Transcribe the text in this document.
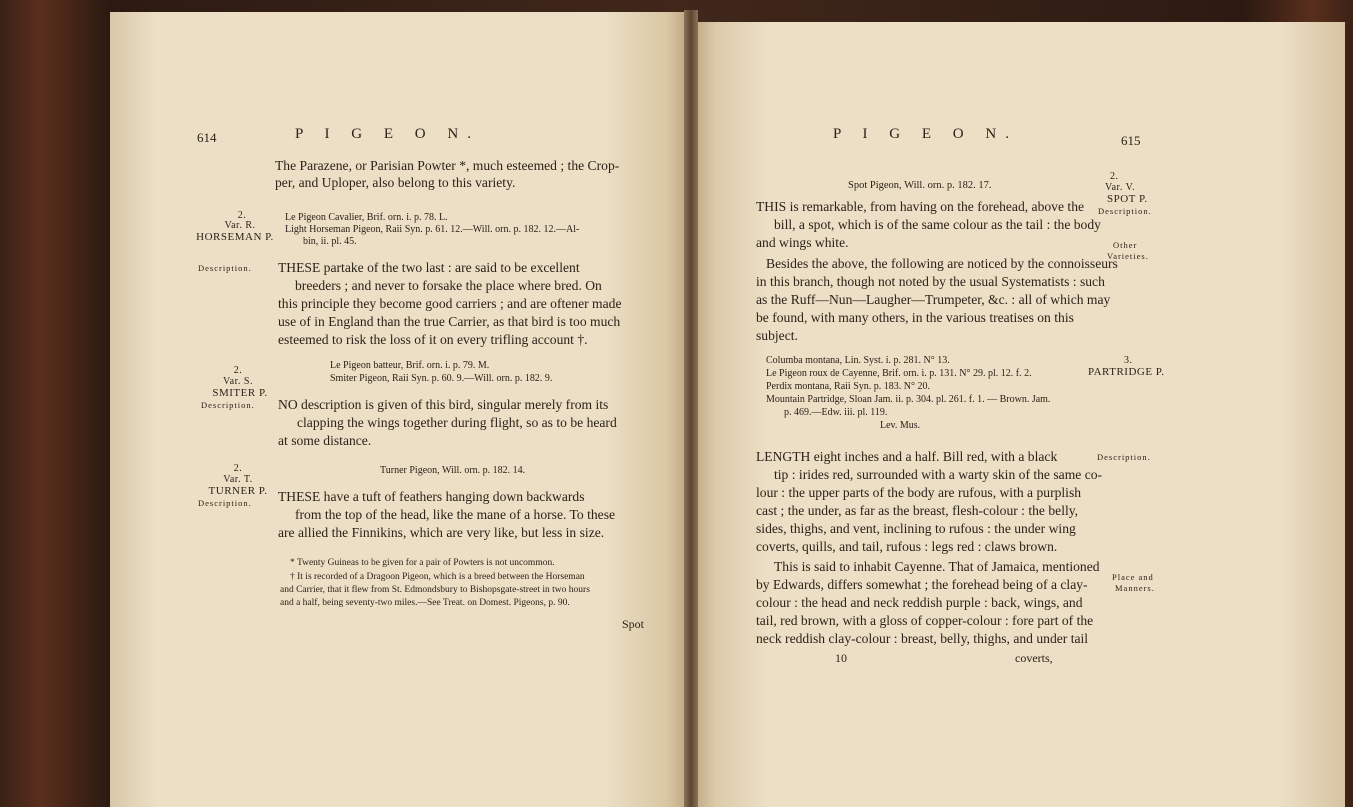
614	P I G E O N.
The Parazene, or Parisian Powter *, much esteemed ; the Crop-
per, and Uploper, also belong to this variety.
2.
Var. R.
HORSEMAN P.
Le Pigeon Cavalier, Brif. orn. i. p. 78. L.
Light Horseman Pigeon, Raii Syn. p. 61. 12.—Will. orn. p. 182. 12.—Al-
bin, ii. pl. 45.
Description. THESE partake of the two last : are said to be excellent
breeders ; and never to forsake the place where bred. On
this principle they become good carriers ; and are oftener made
use of in England than the true Carrier, as that bird is too much
esteemed to risk the loss of it on every trifling account †.
2.
Var. S.
SMITER P.
Description.
Le Pigeon batteur, Brif. orn. i. p. 79. M.
Smiter Pigeon, Raii Syn. p. 60. 9.—Will. orn. p. 182. 9.
NO description is given of this bird, singular merely from its
clapping the wings together during flight, so as to be heard
at some distance.
2.
Var. T.
TURNER P.
Description.
Turner Pigeon, Will. orn. p. 182. 14.
THESE have a tuft of feathers hanging down backwards
from the top of the head, like the mane of a horse. To these
are allied the Finnikins, which are very like, but less in size.
* Twenty Guineas to be given for a pair of Powters is not uncommon.
† It is recorded of a Dragoon Pigeon, which is a breed between the Horseman
and Carrier, that it flew from St. Edmondsbury to Bishopsgate-street in two hours
and a half, being seventy-two miles.—See Treat. on Domest. Pigeons, p. 90.
Spot
P I G E O N.	615
Spot Pigeon, Will. orn. p. 182. 17.
2.
Var. V.
SPOT P.
Description.
THIS is remarkable, from having on the forehead, above the
bill, a spot, which is of the same colour as the tail : the body
and wings white.	Other
Varieties.
Besides the above, the following are noticed by the connoisseurs
in this branch, though not noted by the usual Systematists : such
as the Ruff—Nun—Laugher—Trumpeter, &c. : all of which may
be found, with many others, in the various treatises on this
subject.
3.
PARTRIDGE P.
Columba montana, Lin. Syst. i. p. 281. N° 13.
Le Pigeon roux de Cayenne, Brif. orn. i. p. 131. N° 29. pl. 12. f. 2.
Perdix montana, Raii Syn. p. 183. N° 20.
Mountain Partridge, Sloan Jam. ii. p. 304. pl. 261. f. 1. — Brown. Jam.
p. 469.—Edw. iii. pl. 119.
Lev. Mus.
Description.
LENGTH eight inches and a half. Bill red, with a black
tip : irides red, surrounded with a warty skin of the same co-
lour : the upper parts of the body are rufous, with a purplish
cast ; the under, as far as the breast, flesh-colour : the belly,
sides, thighs, and vent, inclining to rufous : the under wing
coverts, quills, and tail, rufous : legs red : claws brown.
Place and
Manners.
This is said to inhabit Cayenne. That of Jamaica, mentioned
by Edwards, differs somewhat ; the forehead being of a clay-
colour : the head and neck reddish purple : back, wings, and
tail, red brown, with a gloss of copper-colour : fore part of the
neck reddish clay-colour : breast, belly, thighs, and under tail
10	coverts,
